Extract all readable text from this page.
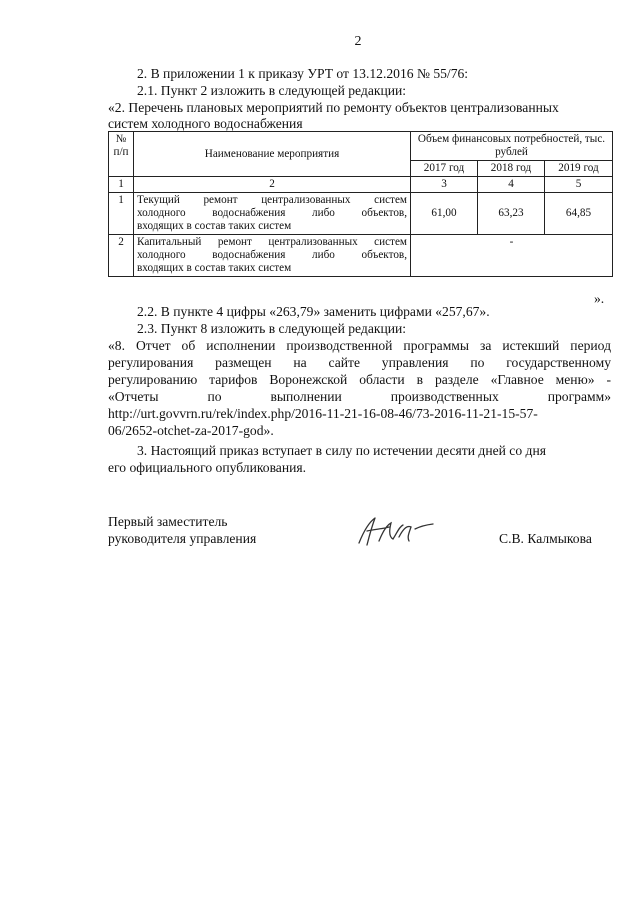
2
2. В приложении 1 к приказу УРТ от 13.12.2016 № 55/76:
2.1. Пункт 2 изложить в следующей редакции:
«2. Перечень плановых мероприятий по ремонту объектов централизованных
систем холодного водоснабжения
№ п/п	Наименование мероприятия	Объем финансовых потребностей, тыс. рублей		
		2017 год	2018 год	2019 год
1	2	3	4	5
1	Текущий ремонт централизованных систем
холодного водоснабжения либо объектов,
входящих в состав таких систем	61,00	63,23	64,85
2	Капитальный ремонт централизованных систем
холодного водоснабжения либо объектов,
входящих в состав таких систем	-		
».
2.2. В пункте 4 цифры «263,79» заменить цифрами «257,67».
2.3. Пункт 8 изложить в следующей редакции:
«8. Отчет об исполнении производственной программы за истекший период
регулирования размещен на сайте управления по государственному
регулированию тарифов Воронежской области в разделе «Главное меню» -
«Отчеты по выполнении производственных программ»
http://urt.govvrn.ru/rek/index.php/2016-11-21-16-08-46/73-2016-11-21-15-57-
06/2652-otchet-za-2017-god».
3. Настоящий приказ вступает в силу по истечении десяти дней со дня
его официального опубликования.
Первый заместитель
руководителя управления	С.В. Калмыкова
